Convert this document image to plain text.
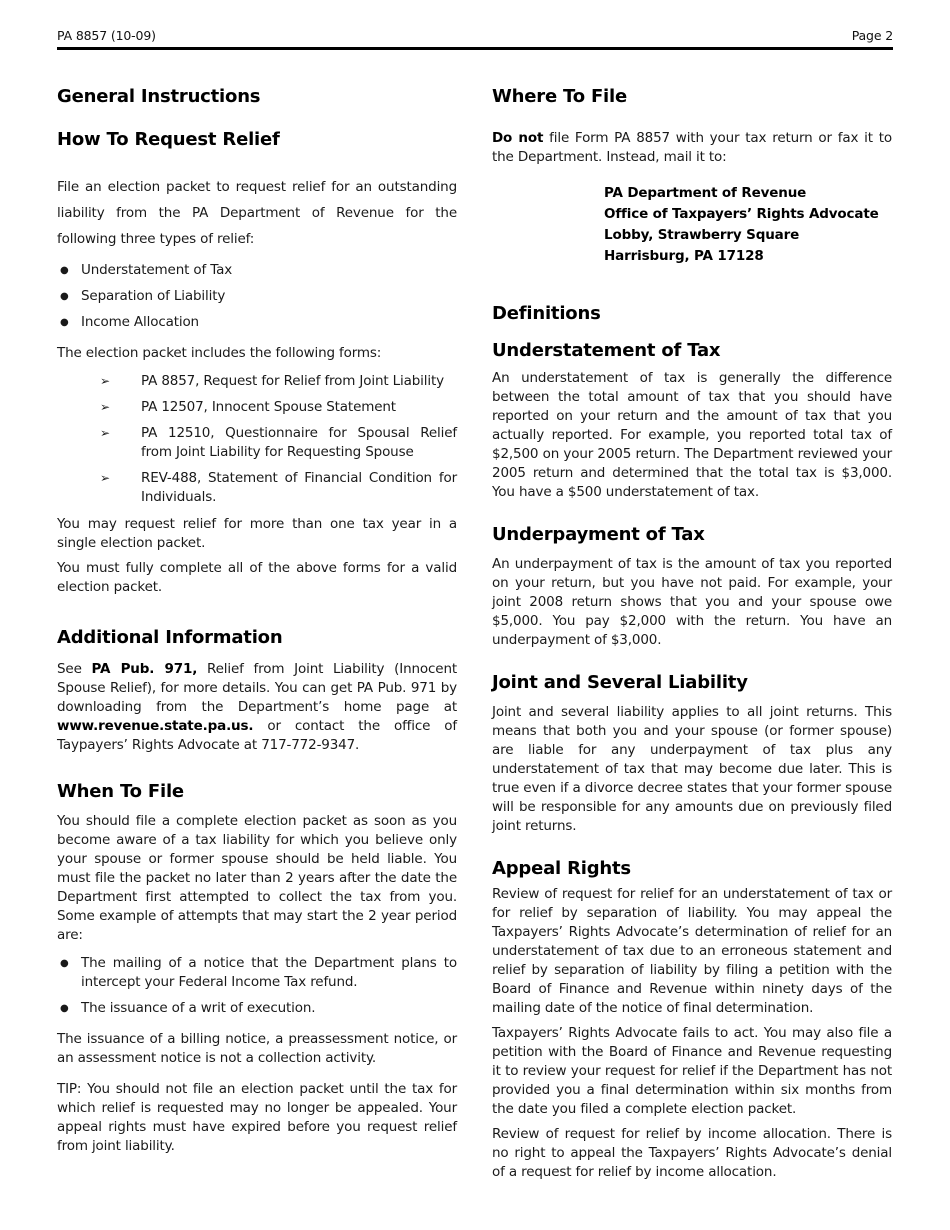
PA 8857 (10-09)	Page 2
General Instructions
How To Request Relief

File an election packet to request relief for an outstanding liability from the PA Department of Revenue for the following three types of relief:

● Understatement of Tax
● Separation of Liability
● Income Allocation

The election packet includes the following forms:

➢	PA 8857, Request for Relief from Joint Liability
➢	PA 12507, Innocent Spouse Statement
➢	PA 12510, Questionnaire for Spousal Relief from Joint Liability for Requesting Spouse
➢	REV-488, Statement of Financial Condition for Individuals.

You may request relief for more than one tax year in a single election packet.

You must fully complete all of the above forms for a valid election packet.

Additional Information

See PA Pub. 971, Relief from Joint Liability (Innocent Spouse Relief), for more details. You can get PA Pub. 971 by downloading from the Department’s home page at www.revenue.state.pa.us. or contact the office of Taypayers’ Rights Advocate at 717-772-9347.

When To File

You should file a complete election packet as soon as you become aware of a tax liability for which you believe only your spouse or former spouse should be held liable. You must file the packet no later than 2 years after the date the Department first attempted to collect the tax from you. Some example of attempts that may start the 2 year period are:

● The mailing of a notice that the Department plans to intercept your Federal Income Tax refund.
● The issuance of a writ of execution.

The issuance of a billing notice, a preassessment notice, or an assessment notice is not a collection activity.

TIP: You should not file an election packet until the tax for which relief is requested may no longer be appealed. Your appeal rights must have expired before you request relief from joint liability.

Where To File

Do not file Form PA 8857 with your tax return or fax it to the Department. Instead, mail it to:

PA Department of Revenue

Office of Taxpayers’ Rights Advocate

Lobby, Strawberry Square

Harrisburg, PA 17128

Definitions
Understatement of Tax

An understatement of tax is generally the difference between the total amount of tax that you should have reported on your return and the amount of tax that you actually reported. For example, you reported total tax of $2,500 on your 2005 return. The Department reviewed your 2005 return and determined that the total tax is $3,000. You have a $500 understatement of tax.

Underpayment of Tax

An underpayment of tax is the amount of tax you reported on your return, but you have not paid. For example, your joint 2008 return shows that you and your spouse owe $5,000. You pay $2,000 with the return. You have an underpayment of $3,000.

Joint and Several Liability

Joint and several liability applies to all joint returns. This means that both you and your spouse (or former spouse) are liable for any underpayment of tax plus any understatement of tax that may become due later. This is true even if a divorce decree states that your former spouse will be responsible for any amounts due on previously filed joint returns.

Appeal Rights

Review of request for relief for an understatement of tax or for relief by separation of liability. You may appeal the Taxpayers’ Rights Advocate’s determination of relief for an understatement of tax due to an erroneous statement and relief by separation of liability by filing a petition with the Board of Finance and Revenue within ninety days of the mailing date of the notice of final determination.

Taxpayers’ Rights Advocate fails to act. You may also file a petition with the Board of Finance and Revenue requesting it to review your request for relief if the Department has not provided you a final determination within six months from the date you filed a complete election packet.

Review of request for relief by income allocation. There is no right to appeal the Taxpayers’ Rights Advocate’s denial of a request for relief by income allocation.
